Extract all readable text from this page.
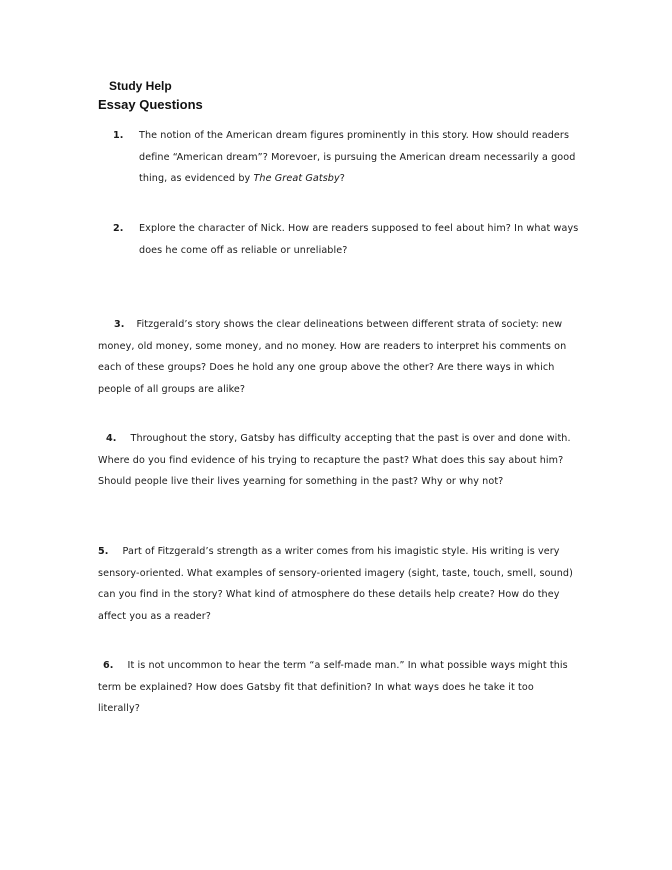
Study Help
Essay Questions

1. The notion of the American dream figures prominently in this story. How should readers define “American dream”? Morevoer, is pursuing the American dream necessarily a good thing, as evidenced by The Great Gatsby?

2. Explore the character of Nick. How are readers supposed to feel about him? In what ways does he come off as reliable or unreliable?

3. Fitzgerald’s story shows the clear delineations between different strata of society: new money, old money, some money, and no money. How are readers to interpret his comments on each of these groups? Does he hold any one group above the other? Are there ways in which people of all groups are alike?

4. Throughout the story, Gatsby has difficulty accepting that the past is over and done with. Where do you find evidence of his trying to recapture the past? What does this say about him? Should people live their lives yearning for something in the past? Why or why not?

5. Part of Fitzgerald’s strength as a writer comes from his imagistic style. His writing is very sensory-oriented. What examples of sensory-oriented imagery (sight, taste, touch, smell, sound) can you find in the story? What kind of atmosphere do these details help create? How do they affect you as a reader?

6. It is not uncommon to hear the term “a self-made man.” In what possible ways might this term be explained? How does Gatsby fit that definition? In what ways does he take it too literally?
